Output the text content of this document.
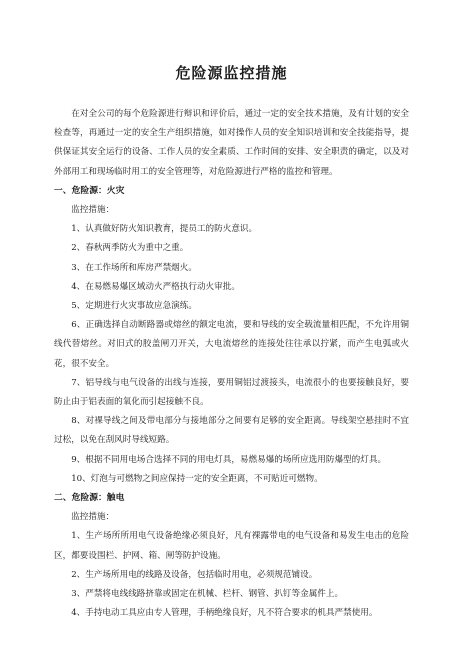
危险源监控措施

在对全公司的每个危险源进行辩识和评价后，通过一定的安全技术措施，及有计划的安全检查等，再通过一定的安全生产组织措施，如对操作人员的安全知识培训和安全技能指导，提供保证其安全运行的设备、工作人员的安全素质、工作时间的安排、安全职责的确定，以及对外部用工和现场临时用工的安全管理等，对危险源进行严格的监控和管理。

一、危险源：火灾

监控措施：

1、认真做好防火知识教育，提员工的防火意识。

2、春秋两季防火为重中之重。

3、在工作场所和库房严禁烟火。

4、在易燃易爆区域动火严格执行动火审批。

5、定期进行火灾事故应急演练。

6、正确选择自动断路器或熔丝的额定电流，要和导线的安全载流量相匹配，不允许用铜线代替熔丝。对旧式的胶盖闸刀开关，大电流熔丝的连接处往往承以拧紧，而产生电弧或火花，很不安全。

7、铝导线与电气设备的出线与连接，要用铜铝过渡接头，电流很小的也要接触良好，要防止由于铝表面的氧化而引起接触不良。

8、对裸导线之间及带电部分与接地部分之间要有足够的安全距离。导线架空悬挂时不宜过松，以免在刮风时导线短路。

9、根据不同用电场合选择不同的用电灯具，易燃易爆的场所应选用防爆型的灯具。

10、灯泡与可燃物之间应保持一定的安全距离，不可贴近可燃物。

二、危险源：触电

监控措施：

1、生产场所所用电气设备绝缘必须良好，凡有裸露带电的电气设备和易发生电击的危险区，都要设围栏、护网、箱、闸等防护设施。

2、生产场所用电的线路及设备，包括临时用电，必须规范铺设。

3、严禁将电线线路挤靠或固定在机械、栏杆、钢管、扒钉等金属件上。

4、手持电动工具应由专人管理，手柄绝缘良好，凡不符合要求的机具严禁使用。
